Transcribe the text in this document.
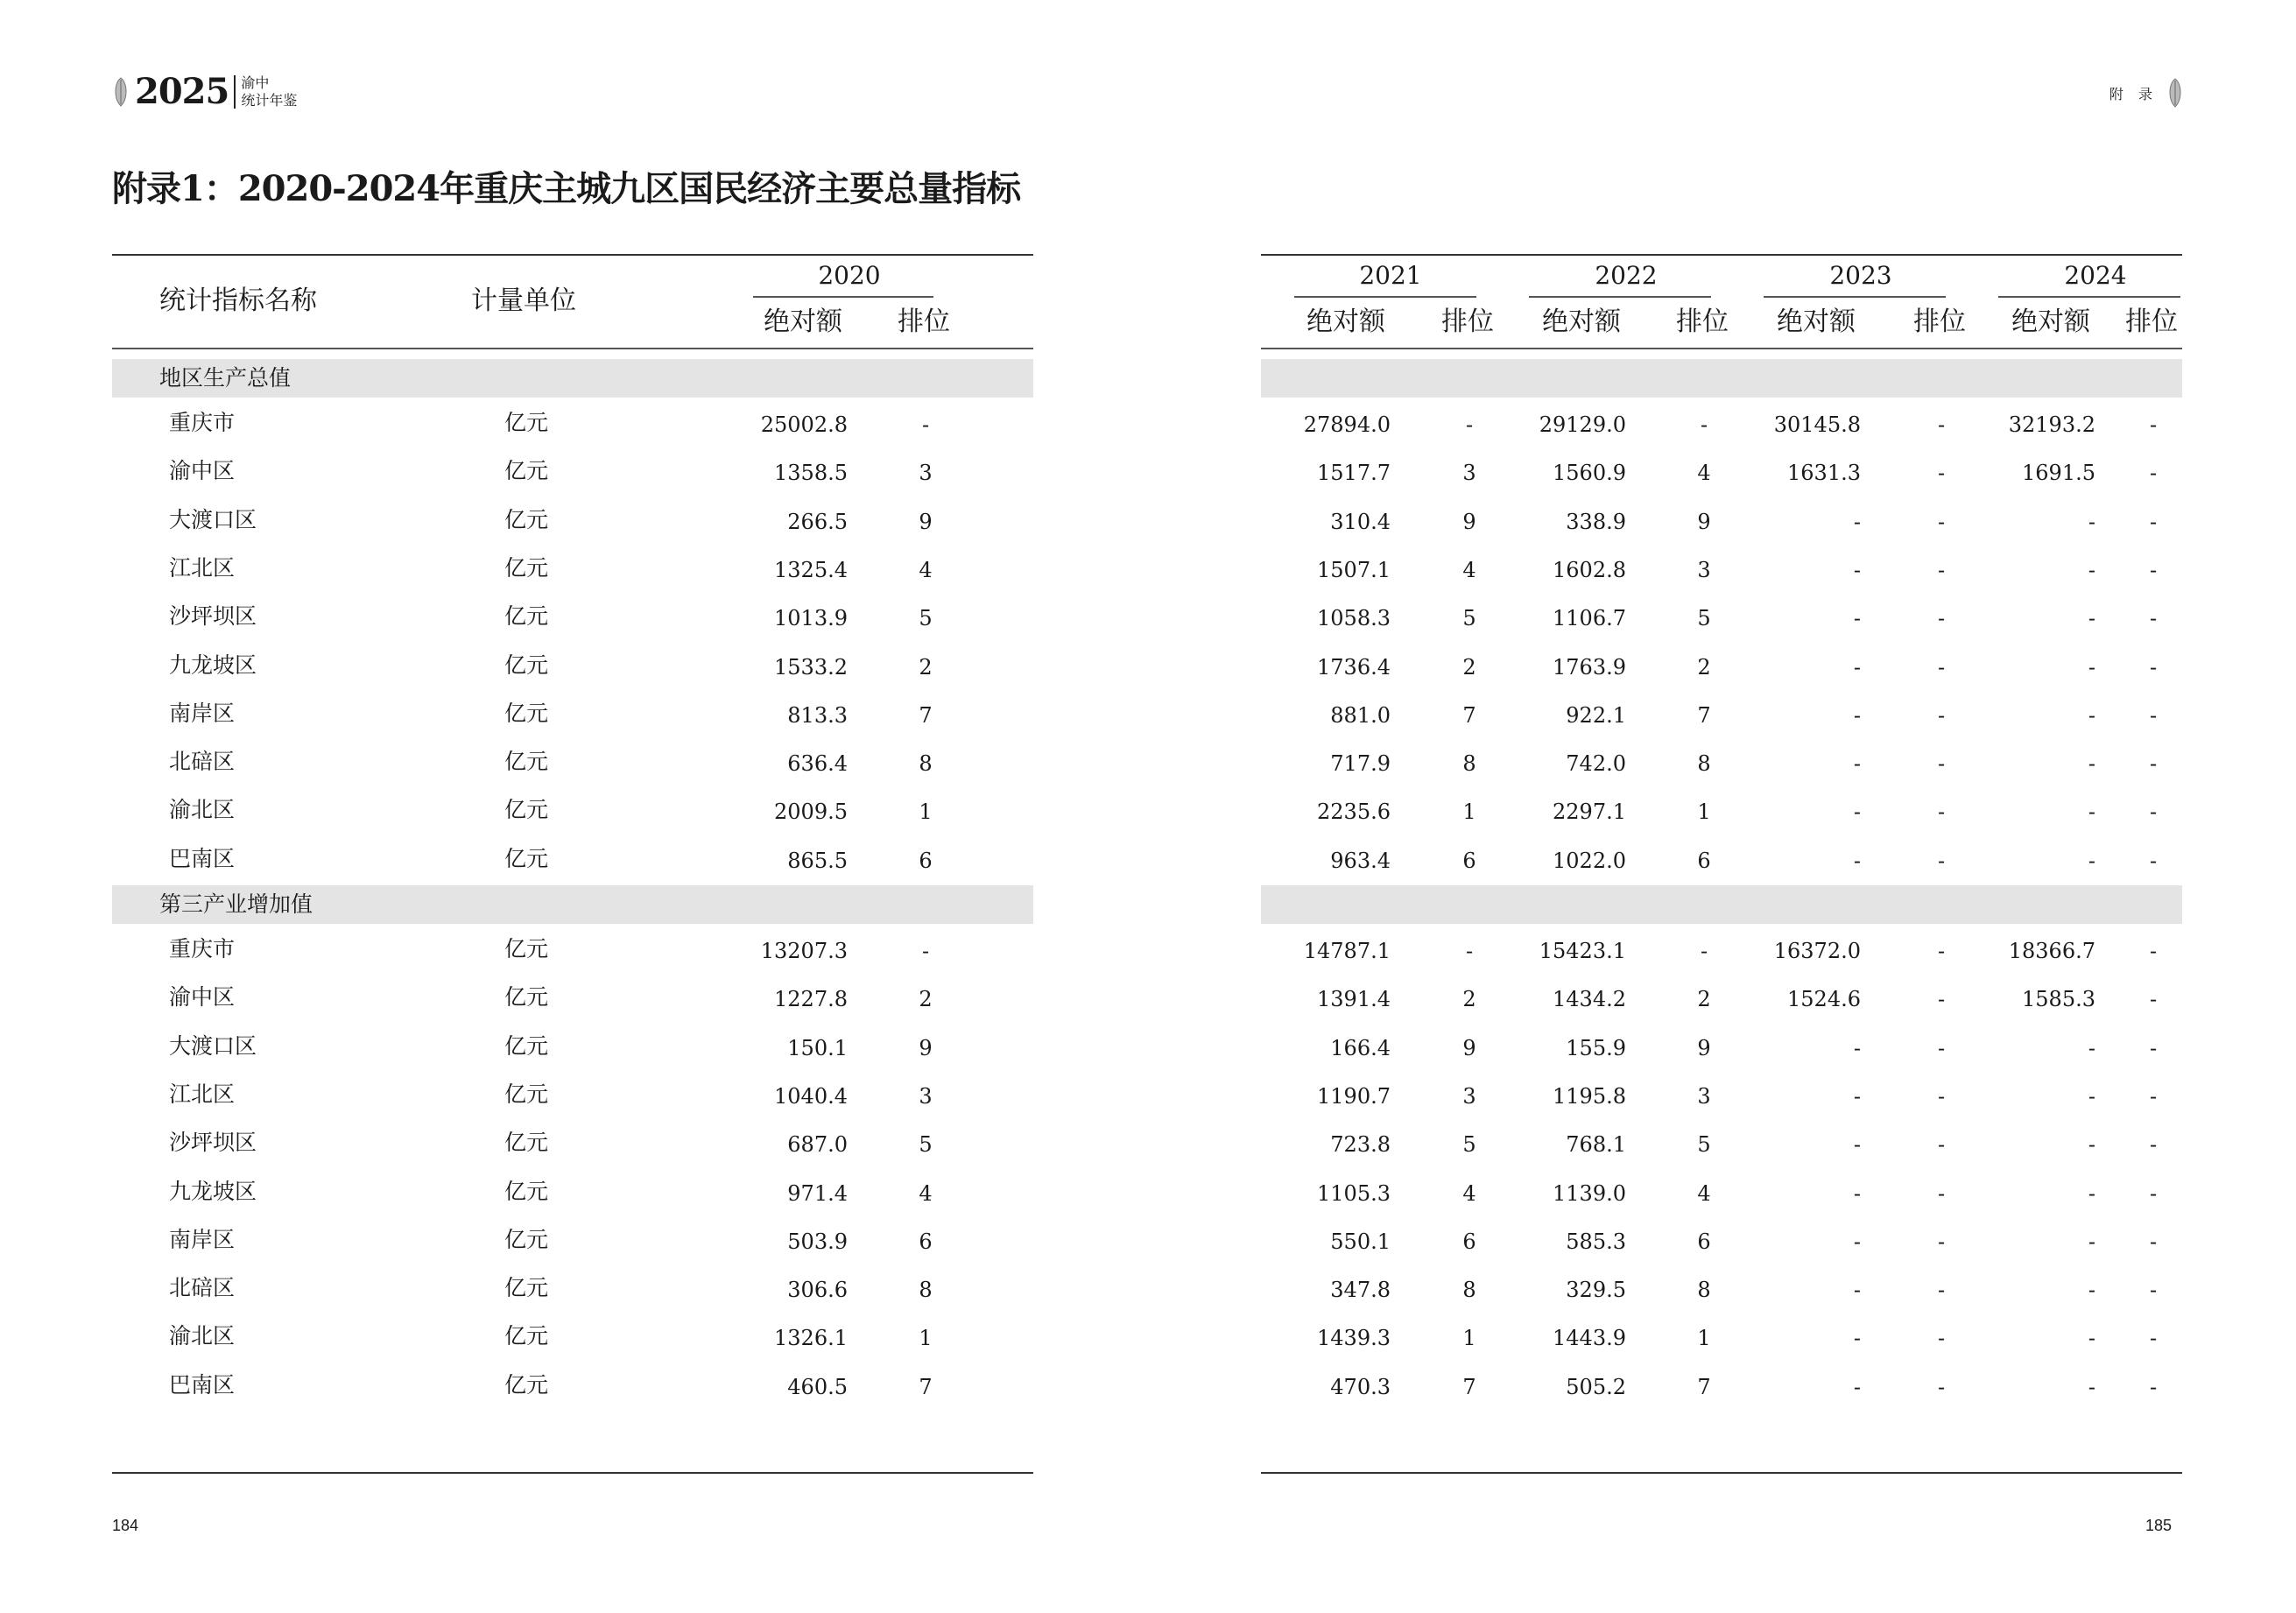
2025 渝中
统计年鉴	附 录
附录1：2020-2024年重庆主城九区国民经济主要总量指标
统计指标名称	计量单位
2020
绝对额 排位
2021
绝对额 排位
2022
绝对额 排位
2023
绝对额 排位
2024
绝对额 排位
地区生产总值
重庆市	亿元	25002.8	-	27894.0	-	29129.0	-	30145.8	-	32193.2	-
渝中区	亿元	1358.5	3	1517.7	3	1560.9	4	1631.3	-	1691.5	-
大渡口区	亿元	266.5	9	310.4	9	338.9	9	-	-	-	-
江北区	亿元	1325.4	4	1507.1	4	1602.8	3	-	-	-	-
沙坪坝区	亿元	1013.9	5	1058.3	5	1106.7	5	-	-	-	-
九龙坡区	亿元	1533.2	2	1736.4	2	1763.9	2	-	-	-	-
南岸区	亿元	813.3	7	881.0	7	922.1	7	-	-	-	-
北碚区	亿元	636.4	8	717.9	8	742.0	8	-	-	-	-
渝北区	亿元	2009.5	1	2235.6	1	2297.1	1	-	-	-	-
巴南区	亿元	865.5	6	963.4	6	1022.0	6	-	-	-	-
第三产业增加值
重庆市	亿元	13207.3	-	14787.1	-	15423.1	-	16372.0	-	18366.7	-
渝中区	亿元	1227.8	2	1391.4	2	1434.2	2	1524.6	-	1585.3	-
大渡口区	亿元	150.1	9	166.4	9	155.9	9	-	-	-	-
江北区	亿元	1040.4	3	1190.7	3	1195.8	3	-	-	-	-
沙坪坝区	亿元	687.0	5	723.8	5	768.1	5	-	-	-	-
九龙坡区	亿元	971.4	4	1105.3	4	1139.0	4	-	-	-	-
南岸区	亿元	503.9	6	550.1	6	585.3	6	-	-	-	-
北碚区	亿元	306.6	8	347.8	8	329.5	8	-	-	-	-
渝北区	亿元	1326.1	1	1439.3	1	1443.9	1	-	-	-	-
巴南区	亿元	460.5	7	470.3	7	505.2	7	-	-	-	-
184	185
